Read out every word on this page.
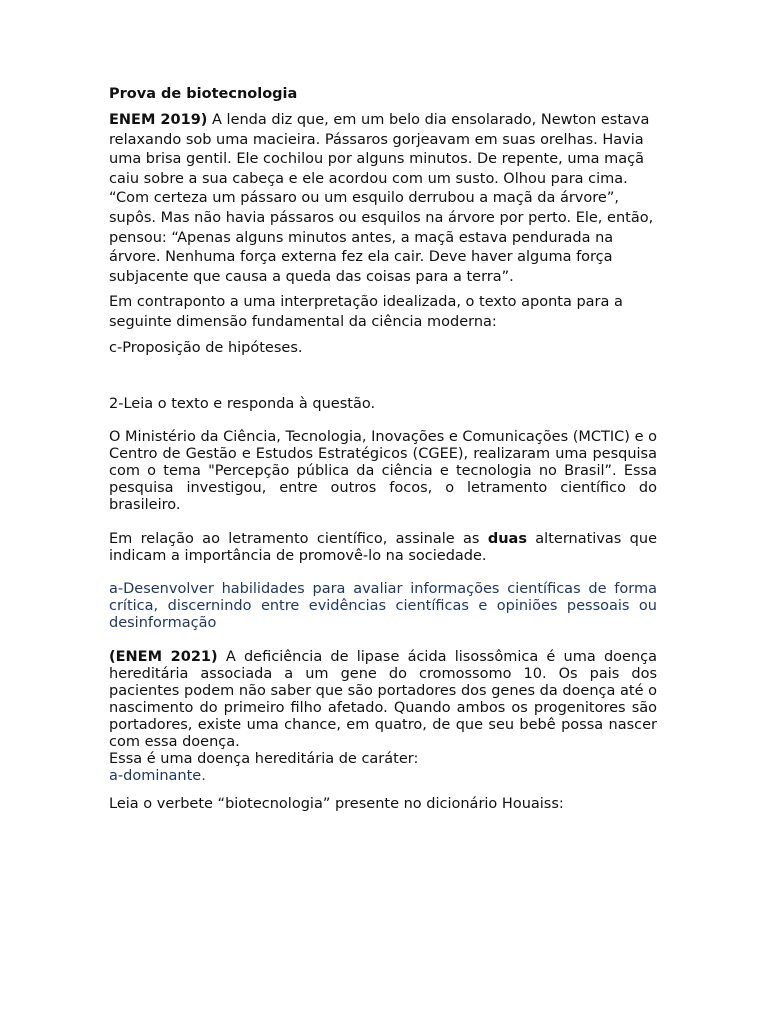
Prova de biotecnologia

ENEM 2019) A lenda diz que, em um belo dia ensolarado, Newton estava relaxando sob uma macieira. Pássaros gorjeavam em suas orelhas. Havia uma brisa gentil. Ele cochilou por alguns minutos. De repente, uma maçã caiu sobre a sua cabeça e ele acordou com um susto. Olhou para cima. “Com certeza um pássaro ou um esquilo derrubou a maçã da árvore”, supôs. Mas não havia pássaros ou esquilos na árvore por perto. Ele, então, pensou: “Apenas alguns minutos antes, a maçã estava pendurada na árvore. Nenhuma força externa fez ela cair. Deve haver alguma força subjacente que causa a queda das coisas para a terra”.

Em contraponto a uma interpretação idealizada, o texto aponta para a seguinte dimensão fundamental da ciência moderna:

c-Proposição de hipóteses.

2-Leia o texto e responda à questão.

O Ministério da Ciência, Tecnologia, Inovações e Comunicações (MCTIC) e o Centro de Gestão e Estudos Estratégicos (CGEE), realizaram uma pesquisa com o tema "Percepção pública da ciência e tecnologia no Brasil”. Essa pesquisa investigou, entre outros focos, o letramento científico do brasileiro.

Em relação ao letramento científico, assinale as duas alternativas que indicam a importância de promovê-lo na sociedade.

a-Desenvolver habilidades para avaliar informações científicas de forma crítica, discernindo entre evidências científicas e opiniões pessoais ou desinformação

(ENEM 2021) A deficiência de lipase ácida lisossômica é uma doença hereditária associada a um gene do cromossomo 10. Os pais dos pacientes podem não saber que são portadores dos genes da doença até o nascimento do primeiro filho afetado. Quando ambos os progenitores são portadores, existe uma chance, em quatro, de que seu bebê possa nascer com essa doença.

Essa é uma doença hereditária de caráter:

a-dominante.

Leia o verbete “biotecnologia” presente no dicionário Houaiss:
